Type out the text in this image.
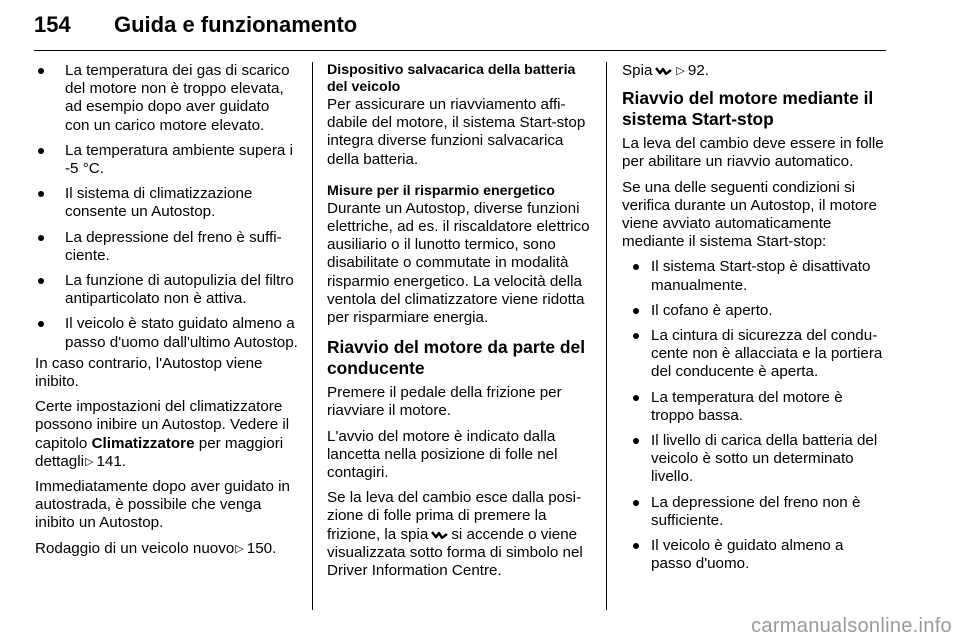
154 Guida e funzionamento
La temperatura dei gas di scarico del motore non è troppo elevata, ad esempio dopo aver guidato con un carico motore elevato.
La temperatura ambiente supera i -5 °C.
Il sistema di climatizzazione consente un Autostop.
La depressione del freno è sufficiente.
La funzione di autopulizia del filtro antiparticolato non è attiva.
Il veicolo è stato guidato almeno a passo d'uomo dall'ultimo Autostop.

In caso contrario, l'Autostop viene inibito.

Certe impostazioni del climatizzatore possono inibire un Autostop. Vedere il capitolo Climatizzatore per maggiori dettagli▷ 141.

Immediatamente dopo aver guidato in autostrada, è possibile che venga inibito un Autostop.

Rodaggio di un veicolo nuovo▷ 150.

Dispositivo salvacarica della batteria del veicolo

Per assicurare un riavviamento affidabile del motore, il sistema Start-stop integra diverse funzioni salvacarica della batteria.

Misure per il risparmio energetico

Durante un Autostop, diverse funzioni elettriche, ad es. il riscaldatore elettrico ausiliario o il lunotto termico, sono disabilitate o commutate in modalità risparmio energetico. La velocità della ventola del climatizzatore viene ridotta per risparmiare energia.

Riavvio del motore da parte del conducente

Premere il pedale della frizione per riavviare il motore.

L'avvio del motore è indicato dalla lancetta nella posizione di folle nel contagiri.

Se la leva del cambio esce dalla posizione di folle prima di premere la frizione, la spia si accende o viene visualizzata sotto forma di simbolo nel Driver Information Centre.

Spia ▷ 92.

Riavvio del motore mediante il sistema Start-stop

La leva del cambio deve essere in folle per abilitare un riavvio automatico.

Se una delle seguenti condizioni si verifica durante un Autostop, il motore viene avviato automaticamente mediante il sistema Start-stop:

Il sistema Start-stop è disattivato manualmente.
Il cofano è aperto.
La cintura di sicurezza del conducente non è allacciata e la portiera del conducente è aperta.
La temperatura del motore è troppo bassa.
Il livello di carica della batteria del veicolo è sotto un determinato livello.
La depressione del freno non è sufficiente.
Il veicolo è guidato almeno a passo d'uomo.
carmanualsonline.info
